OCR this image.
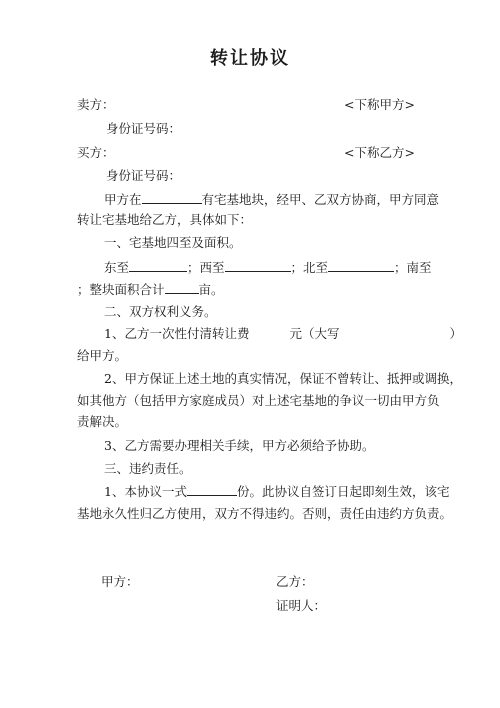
转让协议
卖方：	<下称甲方>
身份证号码：
买方：	<下称乙方>
身份证号码：
甲方在	有宅基地块，经甲、乙双方协商，甲方同意
转让宅基地给乙方，具体如下：
一、宅基地四至及面积。
东至	；西至	；北至	；南至
；整块面积合计	亩。
二、双方权利义务。
1、乙方一次性付清转让费	元（大写	）
给甲方。
2、甲方保证上述土地的真实情况，保证不曾转让、抵押或调换，
如其他方（包括甲方家庭成员）对上述宅基地的争议一切由甲方负
责解决。
3、乙方需要办理相关手续，甲方必须给予协助。
三、违约责任。
1、本协议一式	份。此协议自签订日起即刻生效，该宅
基地永久性归乙方使用，双方不得违约。否则，责任由违约方负责。
甲方：	乙方：
证明人：
